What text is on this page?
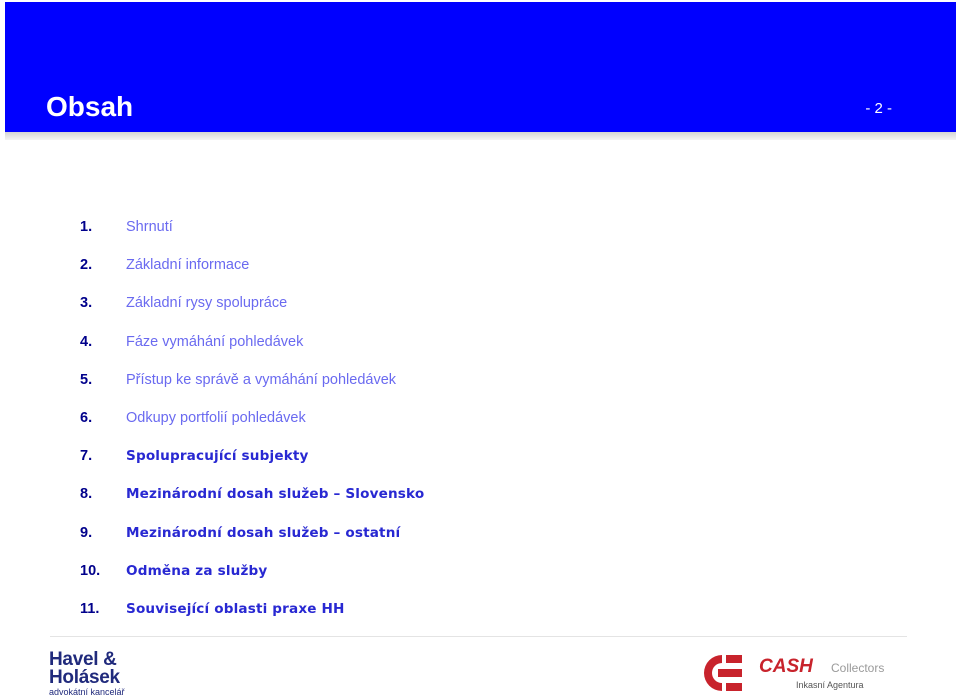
Obsah	- 2 -
1.	Shrnutí
2.	Základní informace
3.	Základní rysy spolupráce
4.	Fáze vymáhání pohledávek
5.	Přístup ke správě a vymáhání pohledávek
6.	Odkupy portfolií pohledávek
7.	Spolupracující subjekty
8.	Mezinárodní dosah služeb – Slovensko
9.	Mezinárodní dosah služeb – ostatní
10.	Odměna za služby
11.	Související oblasti praxe HH
Havel &
Holásek
advokátní kancelář
CASH Collectors
Inkasní Agentura
